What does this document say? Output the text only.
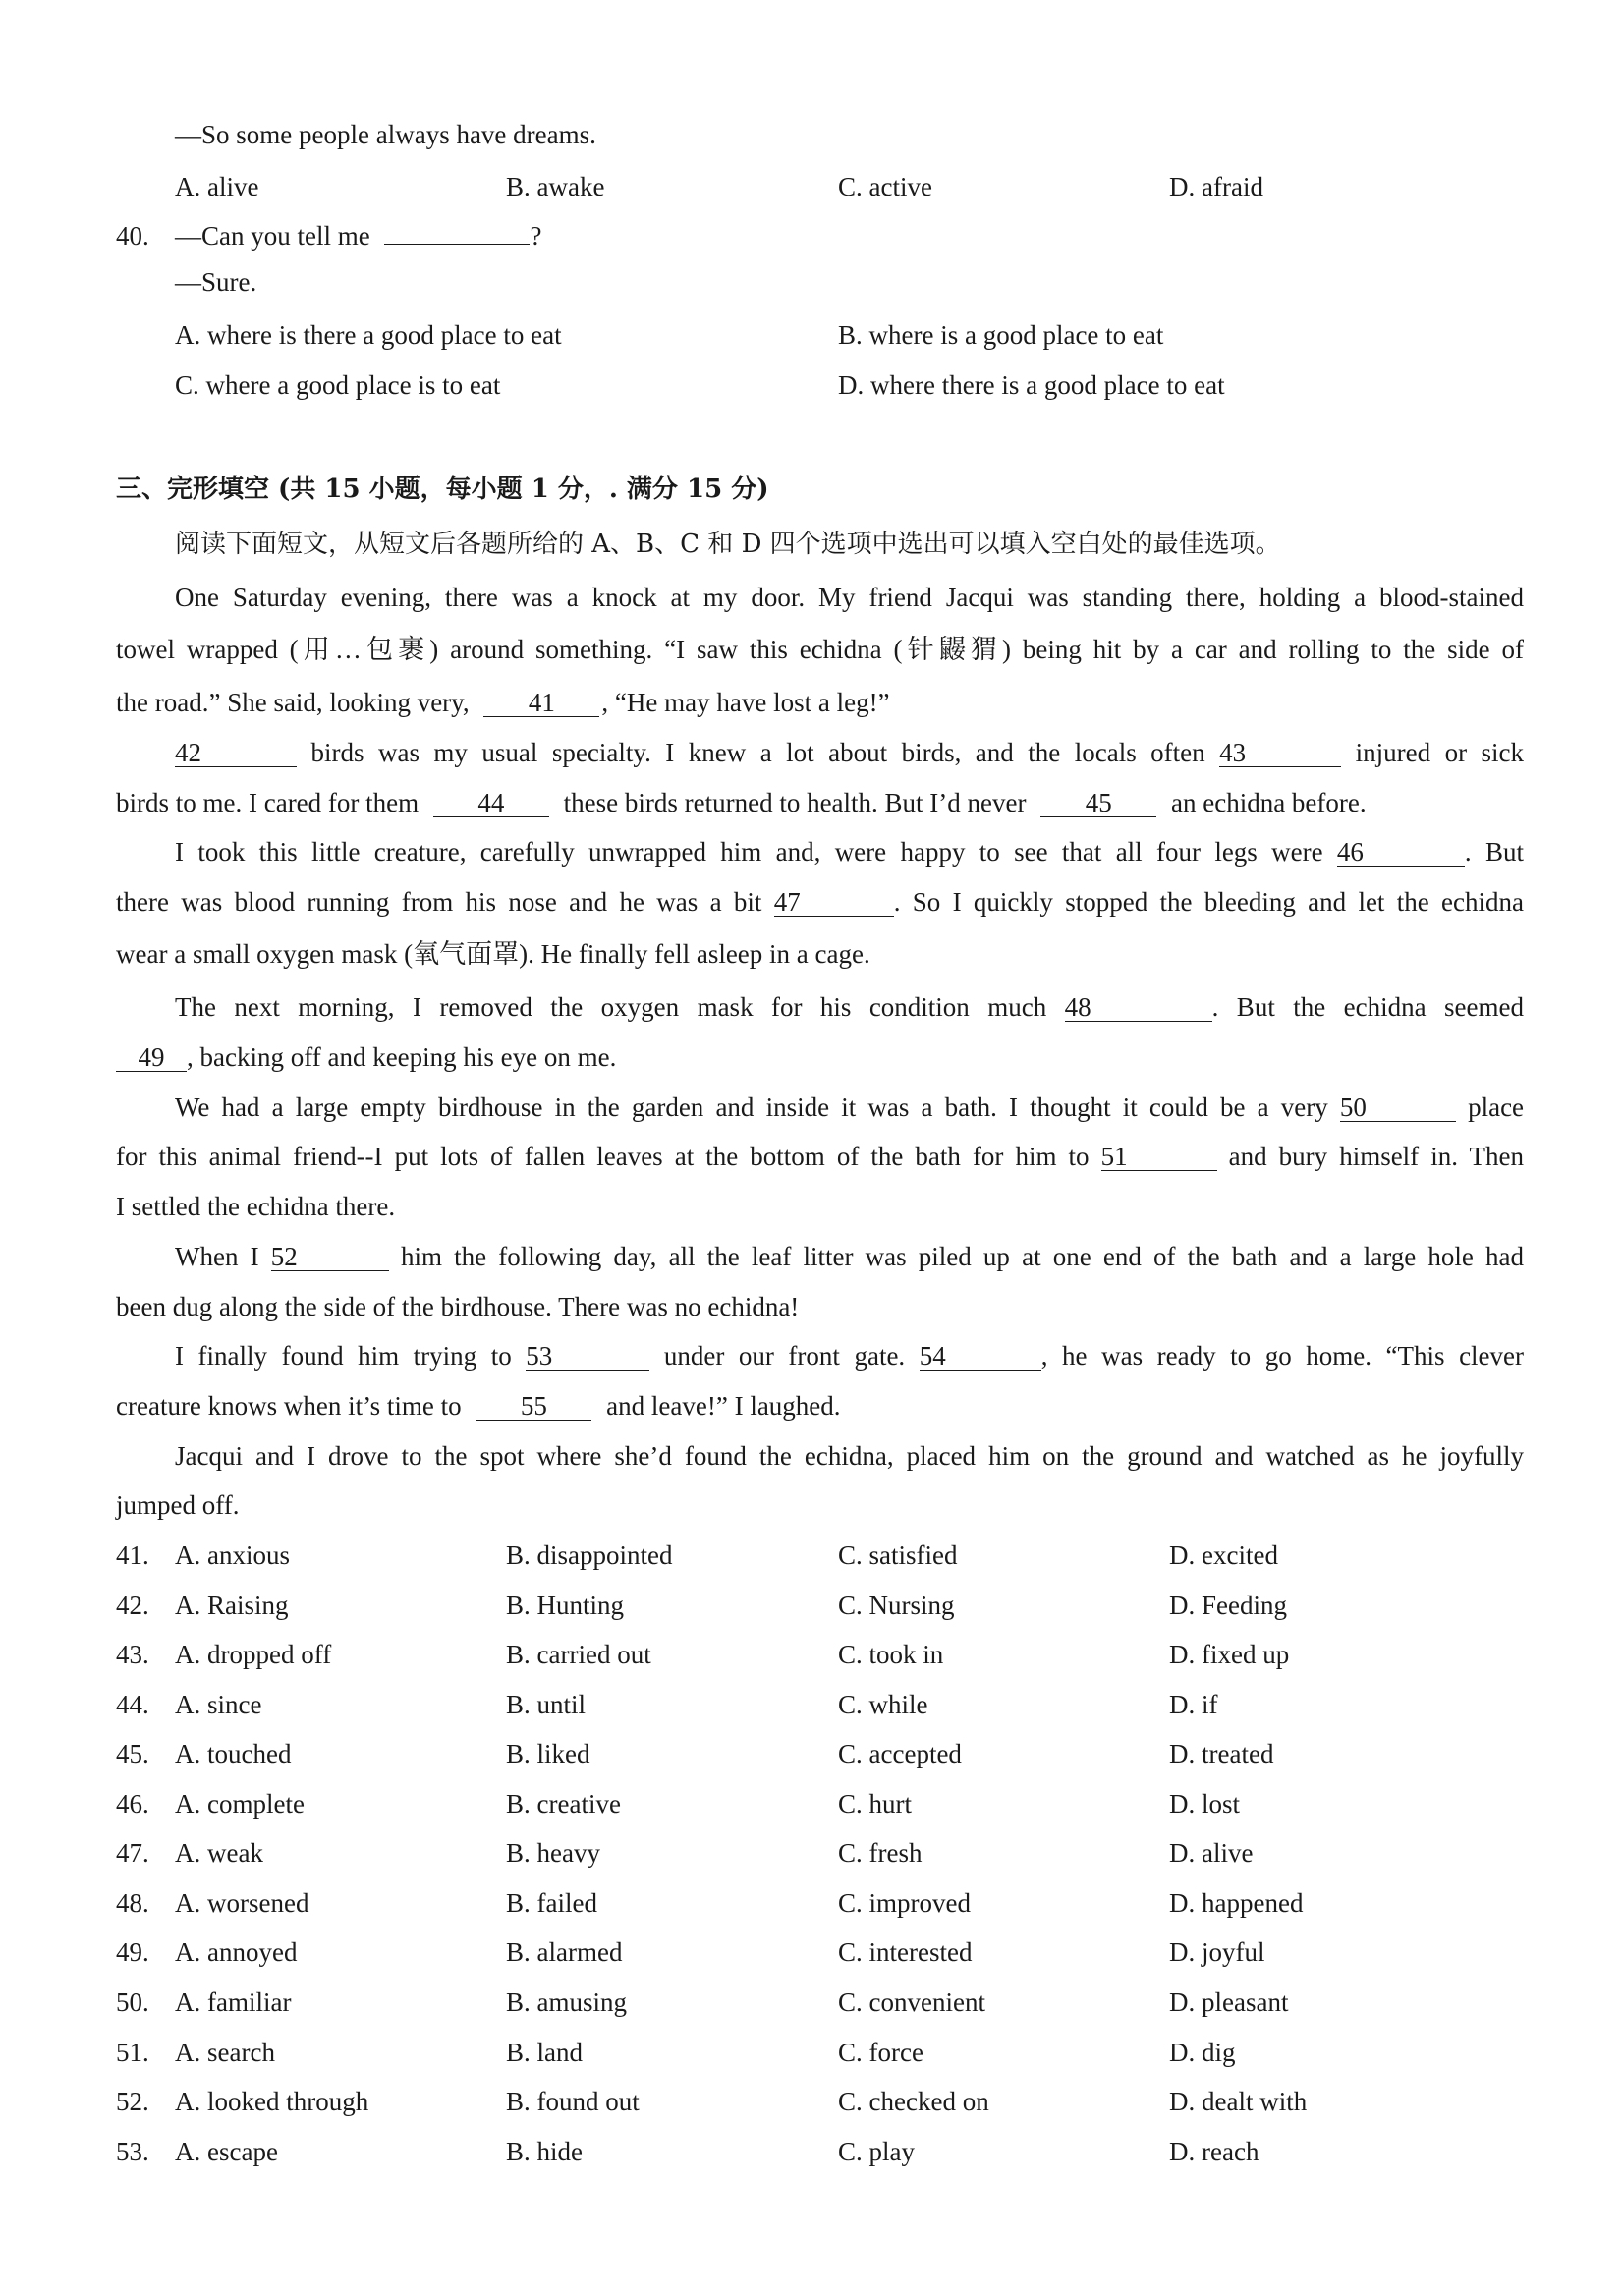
—So some people always have dreams.
A. alive	B. awake	C. active	D. afraid
40. —Can you tell me	?
—Sure.
A. where is there a good place to eat	B. where is a good place to eat
C. where a good place is to eat	D. where there is a good place to eat
三、完形填空 (共 15 小题，每小题 1 分，. 满分 15 分)
阅读下面短文，从短文后各题所给的 A、B、C 和 D 四个选项中选出可以填入空白处的最佳选项。
One Saturday evening, there was a knock at my door. My friend Jacqui was standing there, holding a blood-stained
towel wrapped (用…包裹) around something. “I saw this echidna (针鼹猬) being hit by a car and rolling to the side of
the road.” She said, looking very, 41 , “He may have lost a leg!”
42	birds was my usual specialty. I knew a lot about birds, and the locals often 43	injured or sick
birds to me. I cared for them 44 these birds returned to health. But I’d never 45 an echidna before.
I took this little creature, carefully unwrapped him and, were happy to see that all four legs were 46	. But
there was blood running from his nose and he was a bit 47	. So I quickly stopped the bleeding and let the echidna
wear a small oxygen mask (氧气面罩). He finally fell asleep in a cage.
The next morning, I removed the oxygen mask for his condition much 48	. But the echidna seemed
49 , backing off and keeping his eye on me.
We had a large empty birdhouse in the garden and inside it was a bath. I thought it could be a very 50	place
for this animal friend--I put lots of fallen leaves at the bottom of the bath for him to 51	and bury himself in. Then
I settled the echidna there.
When I 52	him the following day, all the leaf litter was piled up at one end of the bath and a large hole had
been dug along the side of the birdhouse. There was no echidna!
I finally found him trying to 53	under our front gate. 54	, he was ready to go home. “This clever
creature knows when it’s time to 55 and leave!” I laughed.
Jacqui and I drove to the spot where she’d found the echidna, placed him on the ground and watched as he joyfully
jumped off.
41. A. anxious	B. disappointed	C. satisfied	D. excited
42. A. Raising	B. Hunting	C. Nursing	D. Feeding
43. A. dropped off	B. carried out	C. took in	D. fixed up
44. A. since	B. until	C. while	D. if
45. A. touched	B. liked	C. accepted	D. treated
46. A. complete	B. creative	C. hurt	D. lost
47. A. weak	B. heavy	C. fresh	D. alive
48. A. worsened	B. failed	C. improved	D. happened
49. A. annoyed	B. alarmed	C. interested	D. joyful
50. A. familiar	B. amusing	C. convenient	D. pleasant
51. A. search	B. land	C. force	D. dig
52. A. looked through	B. found out	C. checked on	D. dealt with
53. A. escape	B. hide	C. play	D. reach
